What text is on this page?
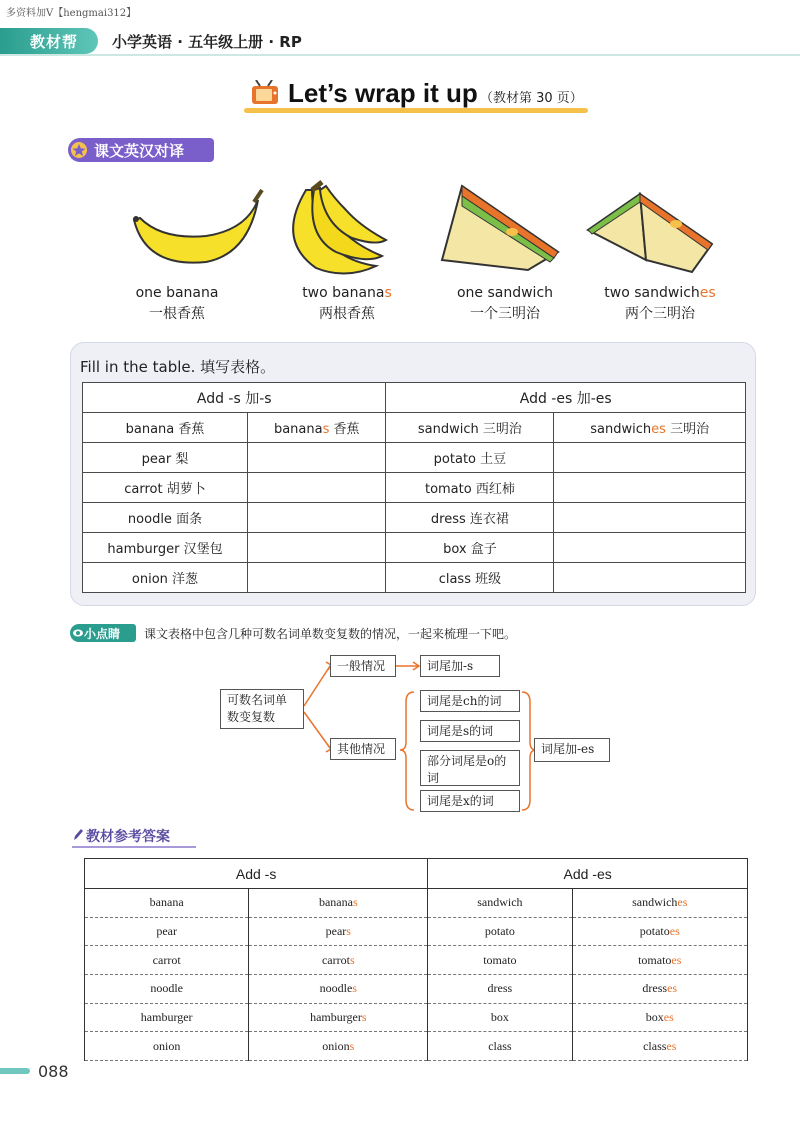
多资料加V【hengmai312】
教材帮 小学英语 · 五年级上册 · RP
Let’s wrap it up （教材第 30 页）
课文英汉对译
one banana
一根香蕉
two bananas
两根香蕉
one sandwich
一个三明治
two sandwiches
两个三明治
Fill in the table. 填写表格。
Add -s 加-s		Add -es 加-es	
banana 香蕉	bananas 香蕉	sandwich 三明治	sandwiches 三明治
pear 梨		potato 土豆	
carrot 胡萝卜		tomato 西红柿	
noodle 面条		dress 连衣裙	
hamburger 汉堡包		box 盒子	
onion 洋葱		class 班级	
小点睛 课文表格中包含几种可数名词单数变复数的情况，一起来梳理一下吧。
可数名词单数变复数
一般情况	词尾加-s
其他情况
词尾是ch的词
词尾是s的词
部分词尾是o的词
词尾是x的词
词尾加-es
教材参考答案
Add -s		Add -es	
banana	bananas	sandwich	sandwiches
pear	pears	potato	potatoes
carrot	carrots	tomato	tomatoes
noodle	noodles	dress	dresses
hamburger	hamburgers	box	boxes
onion	onions	class	classes
088
